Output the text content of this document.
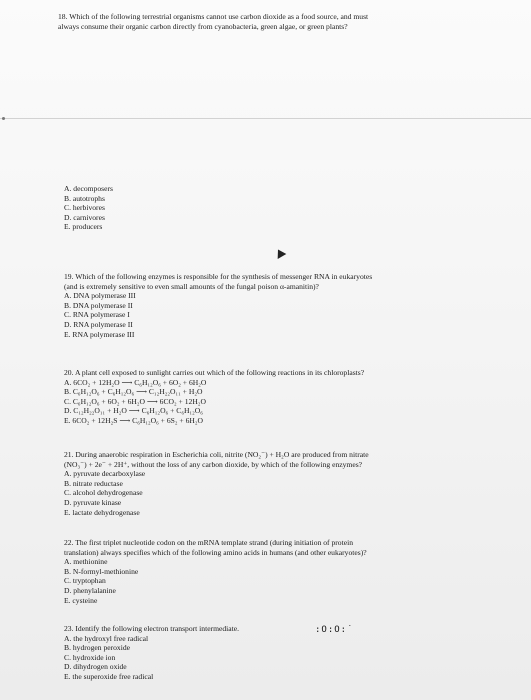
18. Which of the following terrestrial organisms cannot use carbon dioxide as a food source, and must

always consume their organic carbon directly from cyanobacteria, green algae, or green plants?

A. decomposers

B. autotrophs

C. herbivores

D. carnivores

E. producers

19. Which of the following enzymes is responsible for the synthesis of messenger RNA in eukaryotes

(and is extremely sensitive to even small amounts of the fungal poison α-amanitin)?

A. DNA polymerase III

B. DNA polymerase II

C. RNA polymerase I

D. RNA polymerase II

E. RNA polymerase III

20. A plant cell exposed to sunlight carries out which of the following reactions in its chloroplasts?

A. 6CO₂ + 12H₂O ⟶ C₆H₁₂O₆ + 6O₂ + 6H₂O

B. C₆H₁₂O₆ + C₆H₁₂O₆ ⟶ C₁₂H₂₂O₁₁ + H₂O

C. C₆H₁₂O₆ + 6O₂ + 6H₂O ⟶ 6CO₂ + 12H₂O

D. C₁₂H₂₂O₁₁ + H₂O ⟶ C₆H₁₂O₆ + C₆H₁₂O₆

E. 6CO₂ + 12H₂S ⟶ C₆H₁₂O₆ + 6S₂ + 6H₂O

21. During anaerobic respiration in Escherichia coli, nitrite (NO₂⁻) + H₂O are produced from nitrate

(NO₃⁻) + 2e⁻ + 2H⁺, without the loss of any carbon dioxide, by which of the following enzymes?

A. pyruvate decarboxylase

B. nitrate reductase

C. alcohol dehydrogenase

D. pyruvate kinase

E. lactate dehydrogenase

22. The first triplet nucleotide codon on the mRNA template strand (during initiation of protein

translation) always specifies which of the following amino acids in humans (and other eukaryotes)?

A. methionine

B. N-formyl-methionine

C. tryptophan

D. phenylalanine

E. cysteine

23. Identify the following electron transport intermediate.

A. the hydroxyl free radical

B. hydrogen peroxide

C. hydroxide ion

D. dihydrogen oxide

E. the superoxide free radical

:O:O:˙
